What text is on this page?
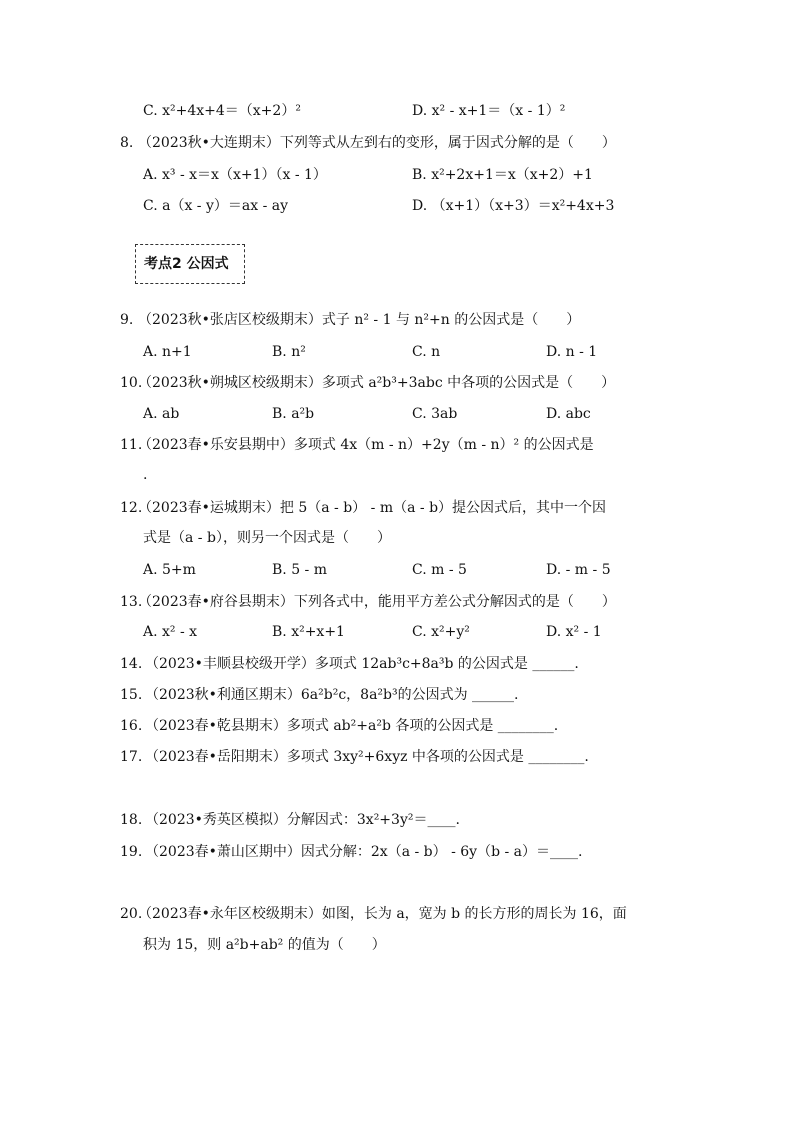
C. x²+4x+4＝（x+2）²	D. x² - x+1＝（x - 1）²
8. （2023秋•大连期末）下列等式从左到右的变形，属于因式分解的是（　　）
A. x³ - x＝x（x+1）（x - 1）	B. x²+2x+1＝x（x+2）+1
C. a（x - y）＝ax - ay	D. （x+1）（x+3）＝x²+4x+3
考点2 公因式
9. （2023秋•张店区校级期末）式子 n² - 1 与 n²+n 的公因式是（　　）
A. n+1	B. n²	C. n	D. n - 1
10.
（2023秋•朔城区校级期末）多项式 a²b³+3abc 中各项的公因式是（　　）
A. ab	B. a²b	C. 3ab	D. abc
11.
（2023春•乐安县期中）多项式 4x（m - n）+2y（m - n）² 的公因式是
.
12.
（2023春•运城期末）把 5（a - b） - m（a - b）提公因式后，其中一个因
式是（a - b），则另一个因式是（　　）
A. 5+m	B. 5 - m	C. m - 5	D. - m - 5
13.
（2023春•府谷县期末）下列各式中，能用平方差公式分解因式的是（　　）
A. x² - x	B. x²+x+1	C. x²+y²	D. x² - 1
14. （2023•丰顺县校级开学）多项式 12ab³c+8a³b 的公因式是 ______.
15. （2023秋•利通区期末）6a²b²c，8a²b³的公因式为 ______.
16. （2023春•乾县期末）多项式 ab²+a²b 各项的公因式是 ________.
17. （2023春•岳阳期末）多项式 3xy²+6xyz 中各项的公因式是 ________.
18. （2023•秀英区模拟）分解因式：3x²+3y²＝____.
19. （2023春•萧山区期中）因式分解：2x（a - b） - 6y（b - a）＝____.
20.
（2023春•永年区校级期末）如图，长为 a，宽为 b 的长方形的周长为 16，面
积为 15，则 a²b+ab² 的值为（　　）
